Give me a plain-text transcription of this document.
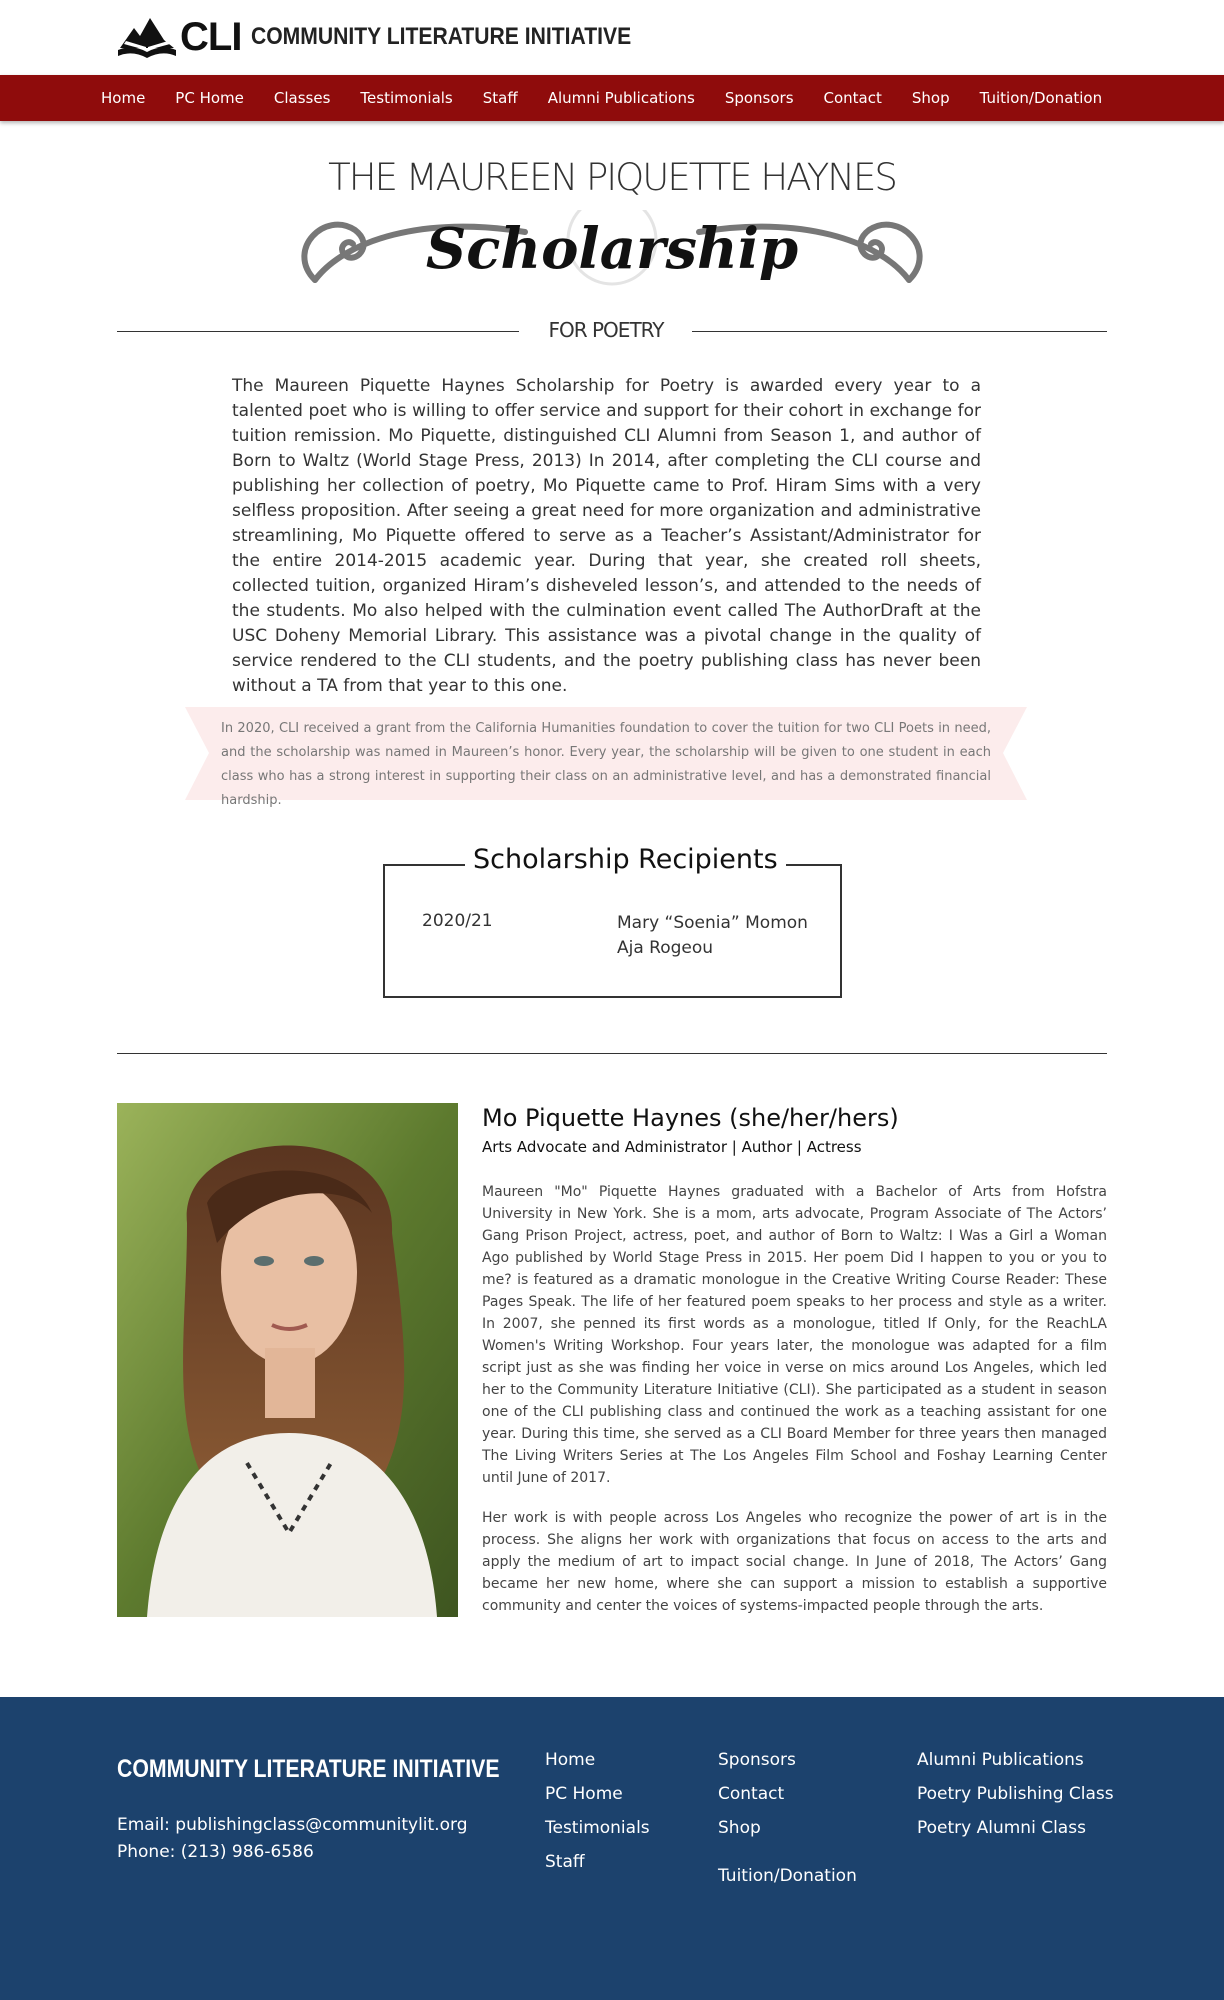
CLI COMMUNITY LITERATURE INITIATIVE
Home PC Home Classes Testimonials Staff Alumni Publications Sponsors Contact Shop Tuition/Donation
THE MAUREEN PIQUETTE HAYNES
Scholarship
FOR POETRY

The Maureen Piquette Haynes Scholarship for Poetry is awarded every year to a talented poet who is willing to offer service and support for their cohort in exchange for tuition remission. Mo Piquette, distinguished CLI Alumni from Season 1, and author of Born to Waltz (World Stage Press, 2013) In 2014, after completing the CLI course and publishing her collection of poetry, Mo Piquette came to Prof. Hiram Sims with a very selfless proposition. After seeing a great need for more organization and administrative streamlining, Mo Piquette offered to serve as a Teacher’s Assistant/Administrator for the entire 2014-2015 academic year. During that year, she created roll sheets, collected tuition, organized Hiram’s disheveled lesson’s, and attended to the needs of the students. Mo also helped with the culmination event called The AuthorDraft at the USC Doheny Memorial Library. This assistance was a pivotal change in the quality of service rendered to the CLI students, and the poetry publishing class has never been without a TA from that year to this one.

In 2020, CLI received a grant from the California Humanities foundation to cover the tuition for two CLI Poets in need, and the scholarship was named in Maureen’s honor. Every year, the scholarship will be given to one student in each class who has a strong interest in supporting their class on an administrative level, and has a demonstrated financial hardship.

Scholarship Recipients
2020/21	Mary “Soenia” Momon
Aja Rogeou
Mo Piquette Haynes (she/her/hers)
Arts Advocate and Administrator | Author | Actress

Maureen "Mo" Piquette Haynes graduated with a Bachelor of Arts from Hofstra University in New York. She is a mom, arts advocate, Program Associate of The Actors’ Gang Prison Project, actress, poet, and author of Born to Waltz: I Was a Girl a Woman Ago published by World Stage Press in 2015. Her poem Did I happen to you or you to me? is featured as a dramatic monologue in the Creative Writing Course Reader: These Pages Speak. The life of her featured poem speaks to her process and style as a writer. In 2007, she penned its first words as a monologue, titled If Only, for the ReachLA Women's Writing Workshop. Four years later, the monologue was adapted for a film script just as she was finding her voice in verse on mics around Los Angeles, which led her to the Community Literature Initiative (CLI). She participated as a student in season one of the CLI publishing class and continued the work as a teaching assistant for one year. During this time, she served as a CLI Board Member for three years then managed The Living Writers Series at The Los Angeles Film School and Foshay Learning Center until June of 2017.

Her work is with people across Los Angeles who recognize the power of art is in the process. She aligns her work with organizations that focus on access to the arts and apply the medium of art to impact social change. In June of 2018, The Actors’ Gang became her new home, where she can support a mission to establish a supportive community and center the voices of systems-impacted people through the arts.

COMMUNITY LITERATURE INITIATIVE
Email: publishingclass@communitylit.org
Phone: (213) 986-6586
Home
PC Home
Testimonials
Staff
Sponsors
Contact
Shop
Tuition/Donation
Alumni Publications
Poetry Publishing Class
Poetry Alumni Class
